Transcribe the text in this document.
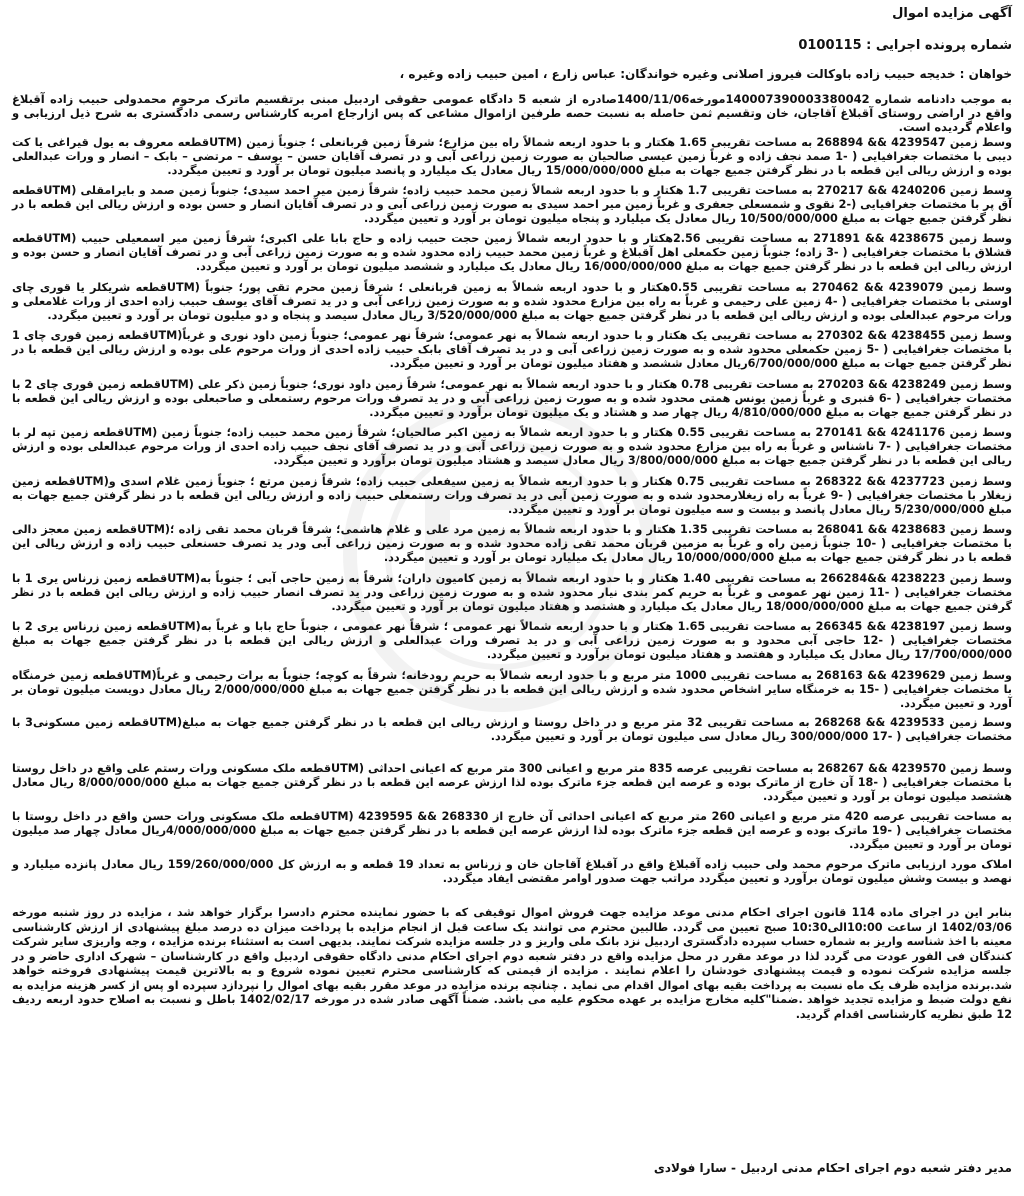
آگهی مزایده اموال
شماره پرونده اجرایی : 0100115
خواهان : خدیجه حبیب زاده باوکالت فیروز اصلانی وغیره خواندگان: عباس زارع ، امین حبیب زاده وغیره ،
به موجب دادنامه شماره 140007390003380042مورخه1400/11/06صادره از شعبه 5 دادگاه عمومی حقوقی اردبیل مبنی برتقسیم ماترک مرحوم محمدولی حبیب زاده آقبلاغ واقع در اراضی روستای آقبلاغ آقاجان، خان وتقسیم ثمن حاصله به نسبت حصه طرفین ازاموال مشاعی که پس ازارجاع امربه کارشناس رسمی دادگستری به شرح ذیل ارزیابی و واعلام گردیده است.
وسط زمین 4239547 && 268894 به مساحت تقریبی 1.65 هکتار و با حدود اربعه شمالاً راه بین مزارع؛ شرقاً زمین قربانعلی ؛ جنوباً زمین (UTMقطعه معروف به یول قیراغی یا کت دیبی با مختصات جغرافیایی ( -1 صمد نجف زاده و غرباً زمین عیسی صالحیان به صورت زمین زراعی آبی و در تصرف آقایان حسن – یوسف – مرتضی – بابک – انصار و ورات عبدالعلی بوده و ارزش ریالی این قطعه با در نظر گرفتن جمیع جهات به مبلغ 15/000/000/000 ریال معادل یک میلیارد و پانصد میلیون تومان بر آورد و تعیین میگردد.
وسط زمین 4240206 && 270217 به مساحت تقریبی 1.7 هکتار و با حدود اربعه شمالاً زمین محمد حبیب زاده؛ شرقاً زمین میر احمد سیدی؛ جنوباً زمین صمد و بایرامقلی (UTMقطعه آق پر با مختصات جغرافیایی (-2 نقوی و شمسعلی جعفری و غرباً زمین میر احمد سیدی به صورت زمین زراعی آبی و در تصرف آقایان انصار و حسن بوده و ارزش ریالی این قطعه با در نظر گرفتن جمیع جهات به مبلغ 10/500/000/000 ریال معادل یک میلیارد و پنجاه میلیون تومان بر آورد و تعیین میگردد.
وسط زمین 4238675 && 271891 به مساحت تقریبی 2.56هکتار و با حدود اربعه شمالاً زمین حجت حبیب زاده و حاج بابا علی اکبری؛ شرقاً زمین میر اسمعیلی حبیب (UTMقطعه قشلاق با مختصات جغرافیایی ( -3 زاده؛ جنوباً زمین حکمعلی اهل آقبلاغ و غرباً زمین محمد حبیب زاده محدود شده و به صورت زمین زراعی آبی و در تصرف آقایان انصار و حسن بوده و ارزش ریالی این قطعه با در نظر گرفتن جمیع جهات به مبلغ 16/000/000/000 ریال معادل یک میلیارد و ششصد میلیون تومان بر آورد و تعیین میگردد.
وسط زمین 4239079 && 270462 به مساحت تقریبی 0.55هکتار و با حدود اربعه شمالاً به زمین قربانعلی ؛ شرقاً زمین محرم تقی پور؛ جنوباً (UTMقطعه شریکلر یا قوری چای اوستی با مختصات جغرافیایی ( -4 زمین علی رحیمی و غرباً به راه بین مزارع محدود شده و به صورت زمین زراعی آبی و در ید تصرف آقای یوسف حبیب زاده احدی از ورات غلامعلی و ورات مرحوم عبدالعلی بوده و ارزش ریالی این قطعه با در نظر گرفتن جمیع جهات به مبلغ 3/520/000/000 ریال معادل سیصد و پنجاه و دو میلیون تومان بر آورد و تعیین میگردد.
وسط زمین 4238455 && 270302 به مساحت تقریبی یک هکتار و با حدود اربعه شمالاً به نهر عمومی؛ شرقاً نهر عمومی؛ جنوباً زمین داود نوری و غرباً(UTMقطعه زمین قوری چای 1 با مختصات جغرافیایی ( -5 زمین حکمعلی محدود شده و به صورت زمین زراعی آبی و در ید تصرف آقای بابک حبیب زاده احدی از ورات مرحوم علی بوده و ارزش ریالی این قطعه با در نظر گرفتن جمیع جهات به مبلغ 6/700/000/000ریال معادل ششصد و هفتاد میلیون تومان بر آورد و تعیین میگردد.
وسط زمین 4238249 && 270203 به مساحت تقریبی 0.78 هکتار و با حدود اربعه شمالاً به نهر عمومی؛ شرقاً زمین داود نوری؛ جنوباً زمین ذکر علی (UTMقطعه زمین قوری چای 2 با مختصات جغرافیایی ( -6 قنبری و غرباً زمین یونس همتی محدود شده و به صورت زمین زراعی آبی و در ید تصرف ورات مرحوم رستمعلی و صاحبعلی بوده و ارزش ریالی این قطعه با در نظر گرفتن جمیع جهات به مبلغ 4/810/000/000 ریال چهار صد و هشتاد و یک میلیون تومان برآورد و تعیین میگردد.
وسط زمین 4241176 && 270141 به مساحت تقریبی 0.55 هکتار و با حدود اربعه شمالاً به زمین اکبر صالحیان؛ شرقاً زمین محمد حبیب زاده؛ جنوباً زمین (UTMقطعه زمین تپه لر با مختصات جغرافیایی ( -7 ناشناس و غرباً به راه بین مزارع محدود شده و به صورت زمین زراعی آبی و در ید تصرف آقای نجف حبیب زاده احدی از ورات مرحوم عبدالعلی بوده و ارزش ریالی این قطعه با در نظر گرفتن جمیع جهات به مبلغ 3/800/000/000 ریال معادل سیصد و هشتاد میلیون تومان برآورد و تعیین میگردد.
وسط زمین 4237723 && 268322 به مساحت تقریبی 0.75 هکتار و با حدود اربعه شمالاً به زمین سیفعلی حبیب زاده؛ شرقاً زمین مرتع ؛ جنوباً زمین غلام اسدی و(UTMقطعه زمین زیغلار با مختصات جغرافیایی ( -9 غرباً به راه زیغلارمحدود شده و به صورت زمین آبی در ید تصرف ورات رستمعلی حبیب زاده و ارزش ریالی این قطعه با در نظر گرفتن جمیع جهات به مبلغ 5/230/000/000 ریال معادل پانصد و بیست و سه میلیون تومان بر آورد و تعیین میگردد.
وسط زمین 4238683 && 268041 به مساحت تقریبی 1.35 هکتار و با حدود اربعه شمالاً به زمین مرد علی و غلام هاشمی؛ شرقاً قربان محمد تقی زاده ؛(UTMقطعه زمین معجز دالی با مختصات جغرافیایی ( -10 جنوباً زمین راه و غرباً به مزمین قربان محمد تقی زاده محدود شده و به صورت زمین زراعی آبی ودر ید تصرف حسنعلی حبیب زاده و ارزش ریالی این قطعه با در نظر گرفتن جمیع جهات به مبلغ 10/000/000/000 ریال معادل یک میلیارد تومان بر آورد و تعیین میگردد.
وسط زمین 4238223 &&266284 به مساحت تقریبی 1.40 هکتار و با حدود اربعه شمالاً به زمین کامیون داران؛ شرقاً به زمین حاجی آبی ؛ جنوباً به(UTMقطعه زمین زرناس یری 1 با مختصات جغرافیایی ( -11 زمین نهر عمومی و غرباً به حریم کمر بندی نیار محدود شده و به صورت زمین زراعی ودر ید تصرف انصار حبیب زاده و ارزش ریالی این قطعه با در نظر گرفتن جمیع جهات به مبلغ 18/000/000/000 ریال معادل یک میلیارد و هشتصد و هفتاد میلیون تومان بر آورد و تعیین میگردد.
وسط زمین 4238197 && 266345 به مساحت تقریبی 1.65 هکتار و با حدود اربعه شمالاً نهر عمومی ؛ شرقاً نهر عمومی ، جنوباً حاج بابا و غرباً به(UTMقطعه زمین زرناس یری 2 با مختصات جغرافیایی ( -12 حاجی آبی محدود و به صورت زمین زراعی آبی و در ید تصرف ورات عبدالعلی و ارزش ریالی این قطعه با در نظر گرفتن جمیع جهات به مبلغ 17/700/000/000 ریال معادل یک میلیارد و هفتصد و هفتاد میلیون تومان برآورد و تعیین میگردد.
وسط زمین 4239629 && 268163 به مساحت تقریبی 1000 متر مربع و با حدود اربعه شمالاً به حریم رودخانه؛ شرقاً به کوچه؛ جنوباً به برات رحیمی و غرباً(UTMقطعه زمین خرمنگاه با مختصات جغرافیایی ( -15 به خرمنگاه سایر اشخاص محدود شده و ارزش ریالی این قطعه با در نظر گرفتن جمیع جهات به مبلغ 2/000/000/000 ریال معادل دویست میلیون تومان بر آورد و تعیین میگردد.
وسط زمین 4239533 && 268268 به مساحت تقریبی 32 متر مربع و در داخل روستا و ارزش ریالی این قطعه با در نظر گرفتن جمیع جهات به مبلغ(UTMقطعه زمین مسکونی3 با مختصات جغرافیایی ( -17 300/000/000 ریال معادل سی میلیون تومان بر آورد و تعیین میگردد.
وسط زمین 4239570 && 268267 به مساحت تقریبی عرصه 835 متر مربع و اعیانی 300 متر مربع که اعیانی احداثی (UTMقطعه ملک مسکونی ورات رستم علی واقع در داخل روستا با مختصات جغرافیایی ( -18 آن خارج از ماترک بوده و عرصه این قطعه جزء ماترک بوده لذا ارزش عرصه این قطعه با در نظر گرفتن جمیع جهات به مبلغ 8/000/000/000 ریال معادل هشتصد میلیون تومان بر آورد و تعیین میگردد.
به مساحت تقریبی عرصه 420 متر مربع و اعیانی 260 متر مربع که اعیانی احداثی آن خارج از 268330 && 4239595 (UTMقطعه ملک مسکونی ورات حسن واقع در داخل روستا با مختصات جغرافیایی ( -19 ماترک بوده و عرصه این قطعه جزء ماترک بوده لذا ارزش عرصه این قطعه با در نظر گرفتن جمیع جهات به مبلغ 4/000/000/000ریال معادل چهار صد میلیون تومان بر آورد و تعیین میگردد.
املاک مورد ارزیابی ماترک مرحوم محمد ولی حبیب زاده آقبلاغ واقع در آقبلاغ آقاجان خان و زرناس به تعداد 19 قطعه و به ارزش کل 159/260/000/000 ریال معادل پانزده میلیارد و نهصد و بیست وشش میلیون تومان برآورد و تعیین میگردد مراتب جهت صدور اوامر مقتضی ایفاد میگردد.
بنابر این در اجرای ماده 114 قانون اجرای احکام مدنی موعد مزایده جهت فروش اموال توقیفی که با حضور نماینده محترم دادسرا برگزار خواهد شد ، مزایده در روز شنبه مورخه 1402/03/06 از ساعت 10:00الی10:30 صبح تعیین می گردد. طالبین محترم می توانند یک ساعت قبل از انجام مزایده با پرداخت میزان ده درصد مبلغ پیشنهادی از ارزش کارشناسی معینه با اخذ شناسه واریز به شماره حساب سپرده دادگستری اردبیل نزد بانک ملی واریز و در جلسه مزایده شرکت نمایند. بدیهی است به استثناء برنده مزایده ، وجه واریزی سایر شرکت کنندگان فی الفور عودت می گردد لذا در موعد مقرر در محل مزایده واقع در دفتر شعبه دوم اجرای احکام مدنی دادگاه حقوقی اردبیل واقع در کارشناسان – شهرک اداری حاضر و در جلسه مزایده شرکت نموده و قیمت پیشنهادی خودشان را اعلام نمایند . مزایده از قیمتی که کارشناسی محترم تعیین نموده شروع و به بالاترین قیمت پیشنهادی فروخته خواهد شد.برنده مزایده ظرف یک ماه نسبت به پرداخت بقیه بهای اموال اقدام می نماید . چنانچه برنده مزایده در موعد مقرر بقیه بهای اموال را نپردازد سپرده او پس از کسر هزینه مزایده به نفع دولت ضبط و مزایده تجدید خواهد .ضمنا"کلیه مخارج مزایده بر عهده محکوم علیه می باشد. ضمناً آگهی صادر شده در مورخه 1402/02/17 باطل و نسبت به اصلاح حدود اربعه ردیف 12 طبق نظریه کارشناسی اقدام گردید.
مدیر دفتر شعبه دوم اجرای احکام مدنی اردبیل - سارا فولادی
